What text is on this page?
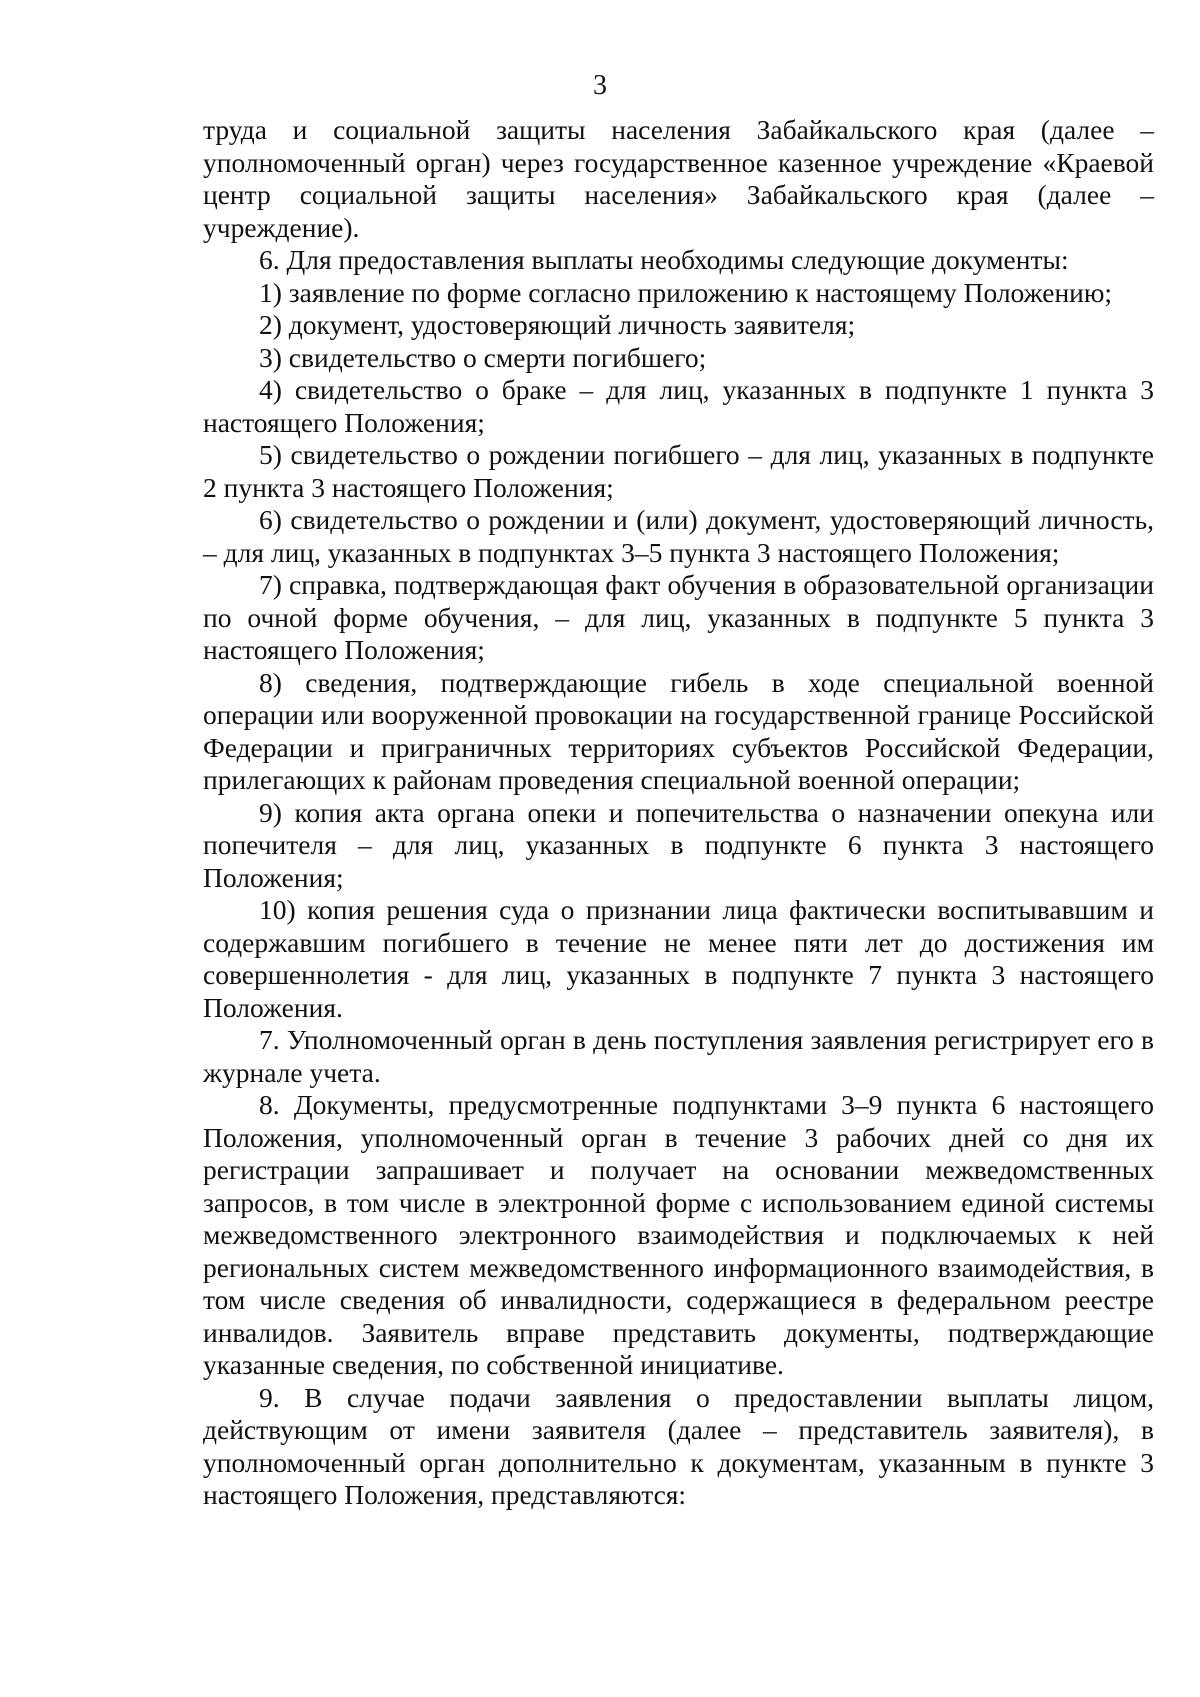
3

труда и социальной защиты населения Забайкальского края (далее – уполномоченный орган) через государственное казенное учреждение «Краевой центр социальной защиты населения» Забайкальского края (далее – учреждение).

6. Для предоставления выплаты необходимы следующие документы:

1) заявление по форме согласно приложению к настоящему Положению;

2) документ, удостоверяющий личность заявителя;

3) свидетельство о смерти погибшего;

4) свидетельство о браке – для лиц, указанных в подпункте 1 пункта 3 настоящего Положения;

5) свидетельство о рождении погибшего – для лиц, указанных в подпункте 2 пункта 3 настоящего Положения;

6) свидетельство о рождении и (или) документ, удостоверяющий личность, – для лиц, указанных в подпунктах 3–5 пункта 3 настоящего Положения;

7) справка, подтверждающая факт обучения в образовательной организации по очной форме обучения, – для лиц, указанных в подпункте 5 пункта 3 настоящего Положения;

8) сведения, подтверждающие гибель в ходе специальной военной операции или вооруженной провокации на государственной границе Российской Федерации и приграничных территориях субъектов Российской Федерации, прилегающих к районам проведения специальной военной операции;

9) копия акта органа опеки и попечительства о назначении опекуна или попечителя – для лиц, указанных в подпункте 6 пункта 3 настоящего Положения;

10) копия решения суда о признании лица фактически воспитывавшим и содержавшим погибшего в течение не менее пяти лет до достижения им совершеннолетия - для лиц, указанных в подпункте 7 пункта 3 настоящего Положения.

7. Уполномоченный орган в день поступления заявления регистрирует его в журнале учета.

8. Документы, предусмотренные подпунктами 3–9 пункта 6 настоящего Положения, уполномоченный орган в течение 3 рабочих дней со дня их регистрации запрашивает и получает на основании межведомственных запросов, в том числе в электронной форме с использованием единой системы межведомственного электронного взаимодействия и подключаемых к ней региональных систем межведомственного информационного взаимодействия, в том числе сведения об инвалидности, содержащиеся в федеральном реестре инвалидов. Заявитель вправе представить документы, подтверждающие указанные сведения, по собственной инициативе.

9. В случае подачи заявления о предоставлении выплаты лицом, действующим от имени заявителя (далее – представитель заявителя), в уполномоченный орган дополнительно к документам, указанным в пункте 3 настоящего Положения, представляются:
